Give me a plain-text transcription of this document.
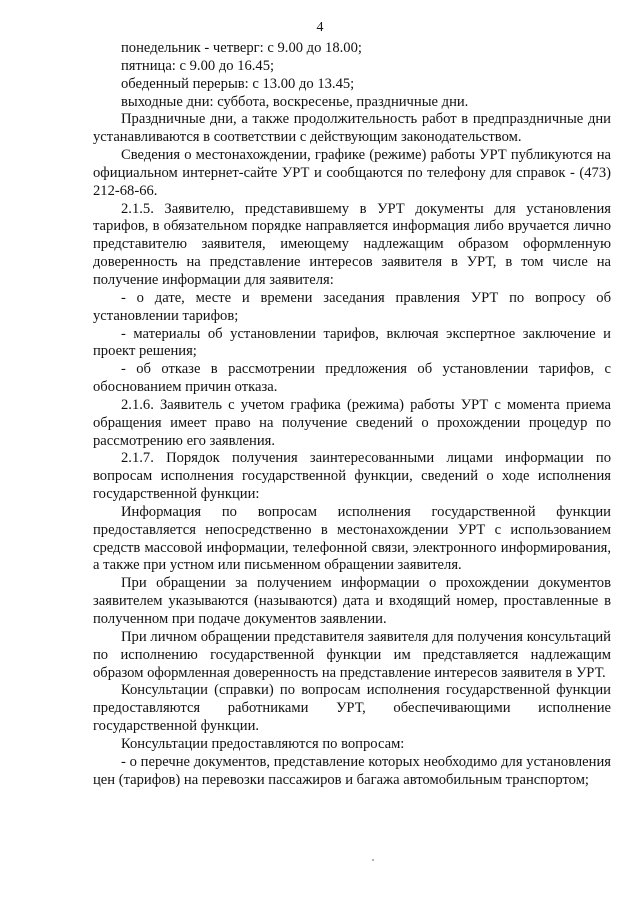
4

понедельник - четверг: с 9.00 до 18.00;

пятница: с 9.00 до 16.45;

обеденный перерыв: с 13.00 до 13.45;

выходные дни: суббота, воскресенье, праздничные дни.

Праздничные дни, а также продолжительность работ в предпраздничные дни устанавливаются в соответствии с действующим законодательством.

Сведения о местонахождении, графике (режиме) работы УРТ публикуются на официальном интернет-сайте УРТ и сообщаются по телефону для справок - (473) 212-68-66.

2.1.5. Заявителю, представившему в УРТ документы для установления тарифов, в обязательном порядке направляется информация либо вручается лично представителю заявителя, имеющему надлежащим образом оформленную доверенность на представление интересов заявителя в УРТ, в том числе на получение информации для заявителя:

- о дате, месте и времени заседания правления УРТ по вопросу об установлении тарифов;

- материалы об установлении тарифов, включая экспертное заключение и проект решения;

- об отказе в рассмотрении предложения об установлении тарифов, с обоснованием причин отказа.

2.1.6. Заявитель с учетом графика (режима) работы УРТ с момента приема обращения имеет право на получение сведений о прохождении процедур по рассмотрению его заявления.

2.1.7. Порядок получения заинтересованными лицами информации по вопросам исполнения государственной функции, сведений о ходе исполнения государственной функции:

Информация по вопросам исполнения государственной функции предоставляется непосредственно в местонахождении УРТ с использованием средств массовой информации, телефонной связи, электронного информирования, а также при устном или письменном обращении заявителя.

При обращении за получением информации о прохождении документов заявителем указываются (называются) дата и входящий номер, проставленные в полученном при подаче документов заявлении.

При личном обращении представителя заявителя для получения консультаций по исполнению государственной функции им представляется надлежащим образом оформленная доверенность на представление интересов заявителя в УРТ.

Консультации (справки) по вопросам исполнения государственной функции предоставляются работниками УРТ, обеспечивающими исполнение государственной функции.

Консультации предоставляются по вопросам:

- о перечне документов, представление которых необходимо для установления цен (тарифов) на перевозки пассажиров и багажа автомобильным транспортом;
